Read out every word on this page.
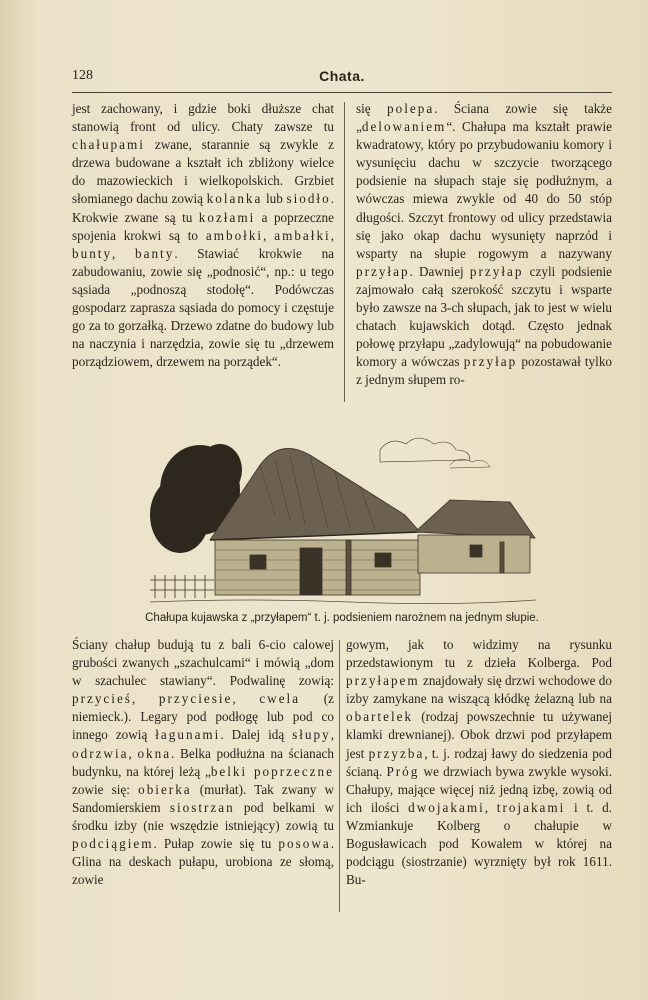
128	Chata.

jest zachowany, i gdzie boki dłuższe chat stanowią front od ulicy. Chaty zawsze tu chałupami zwane, starannie są zwykle z drzewa budowane a kształt ich zbliżony wielce do mazowieckich i wielkopolskich. Grzbiet słomianego dachu zowią kolanka lub siodło. Krokwie zwane są tu kozłami a poprzeczne spojenia krokwi są to ambołki, ambałki, bunty, banty. Stawiać krokwie na zabudowaniu, zowie się „podnosić“, np.: u tego sąsiada „podnoszą stodołę“. Podówczas gospodarz zaprasza sąsiada do pomocy i częstuje go za to gorzałką. Drzewo zdatne do budowy lub na naczynia i narzędzia, zowie się tu „drzewem porządziowem, drzewem na porządek“.

się polepa. Ściana zowie się także „delowaniem“. Chałupa ma kształt prawie kwadratowy, który po przybudowaniu komory i wysunięciu dachu w szczycie tworzącego podsienie na słupach staje się podłużnym, a wówczas miewa zwykle od 40 do 50 stóp długości. Szczyt frontowy od ulicy przedstawia się jako okap dachu wysunięty naprzód i wsparty na słupie rogowym a nazywany przyłap. Dawniej przyłap czyli podsienie zajmowało całą szerokość szczytu i wsparte było zawsze na 3-ch słupach, jak to jest w wielu chatach kujawskich dotąd. Często jednak połowę przyłapu „zadylowują“ na pobudowanie komory a wówczas przyłap pozostawał tylko z jednym słupem ro-

Chałupa kujawska z „przyłapem“ t. j. podsieniem narożnem na jednym słupie.

Ściany chałup budują tu z bali 6-cio calowej grubości zwanych „szachulcami“ i mówią „dom w szachulec stawiany“. Podwalinę zowią: przycieś, przyciesie, cwela (z niemieck.). Legary pod podłogę lub pod co innego zowią łagunami. Dalej idą słupy, odrzwia, okna. Belka podłużna na ścianach budynku, na której leżą „belki poprzeczne zowie się: obierka (murłat). Tak zwany w Sandomierskiem siostrzan pod belkami w środku izby (nie wszędzie istniejący) zowią tu podciągiem. Pułap zowie się tu posowa. Glina na deskach pułapu, urobiona ze słomą, zowie

gowym, jak to widzimy na rysunku przedstawionym tu z dzieła Kolberga. Pod przyłapem znajdowały się drzwi wchodowe do izby zamykane na wiszącą kłódkę żelazną lub na obartelek (rodzaj powszechnie tu używanej klamki drewnianej). Obok drzwi pod przyłapem jest przyzba, t. j. rodzaj ławy do siedzenia pod ścianą. Próg we drzwiach bywa zwykle wysoki. Chałupy, mające więcej niż jedną izbę, zowią od ich ilości dwojakami, trojakami i t. d. Wzmiankuje Kolberg o chałupie w Bogusławicach pod Kowalem w której na podciągu (siostrzanie) wyrznięty był rok 1611. Bu-
